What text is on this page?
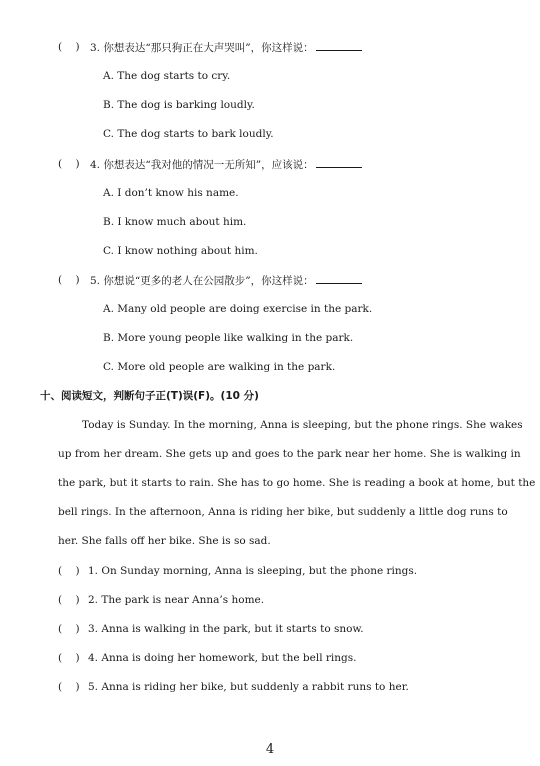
(    ) 3. 你想表达“那只狗正在大声哭叫”，你这样说：
A. The dog starts to cry.
B. The dog is barking loudly.
C. The dog starts to bark loudly.
(    ) 4. 你想表达“我对他的情况一无所知”，应该说：
A. I don’t know his name.
B. I know much about him.
C. I know nothing about him.
(    ) 5. 你想说“更多的老人在公园散步”，你这样说：
A. Many old people are doing exercise in the park.
B. More young people like walking in the park.
C. More old people are walking in the park.
十、阅读短文，判断句子正(T)误(F)。(10 分)
Today is Sunday. In the morning, Anna is sleeping, but the phone rings. She wakes
up from her dream. She gets up and goes to the park near her home. She is walking in
the park, but it starts to rain. She has to go home. She is reading a book at home, but the
bell rings. In the afternoon, Anna is riding her bike, but suddenly a little dog runs to
her. She falls off her bike. She is so sad.
(    ) 1. On Sunday morning, Anna is sleeping, but the phone rings.
(    ) 2. The park is near Anna’s home.
(    ) 3. Anna is walking in the park, but it starts to snow.
(    ) 4. Anna is doing her homework, but the bell rings.
(    ) 5. Anna is riding her bike, but suddenly a rabbit runs to her.
4
